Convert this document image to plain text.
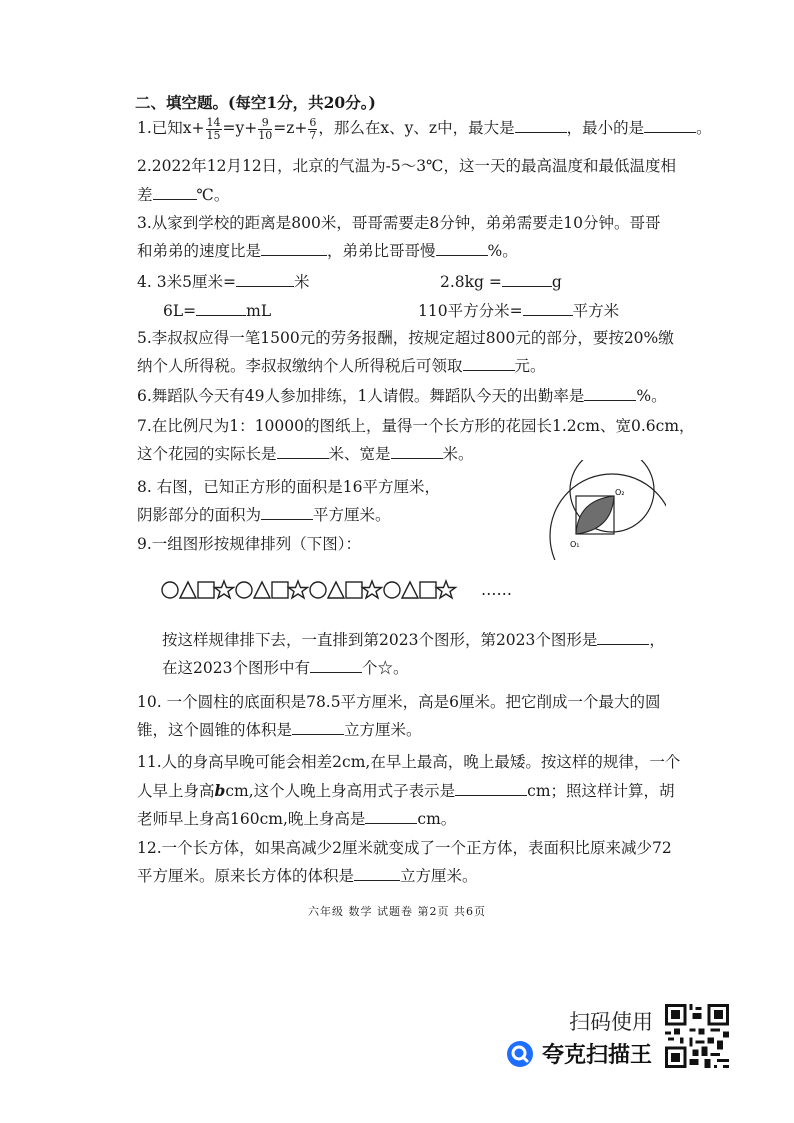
二、填空题。(每空1分，共20分。)
1.已知$x+ \frac{14}{15} =y+ \frac{9}{10} =z+ \frac{6}{7}$ ，那么在x、y、z中，最大是	，最小的是	。
2.2022年12月12日，北京的气温为-5～3℃，这一天的最高温度和最低温度相
差	℃。
3.从家到学校的距离是800米，哥哥需要走8分钟，弟弟需要走10分钟。哥哥
和弟弟的速度比是	，弟弟比哥哥慢	%。
4. 3米5厘米=	米	2.8kg =	g
6L=	mL	110平方分米=	平方米
5.李叔叔应得一笔1500元的劳务报酬，按规定超过800元的部分，要按20%缴
纳个人所得税。李叔叔缴纳个人所得税后可领取	元。
6.舞蹈队今天有49人参加排练，1人请假。舞蹈队今天的出勤率是	%。
7.在比例尺为1：10000的图纸上，量得一个长方形的花园长1.2cm、宽0.6cm，
这个花园的实际长是	米、宽是	米。
8. 右图，已知正方形的面积是16平方厘米，
阴影部分的面积为	平方厘米。
O₁
O₂
9.一组图形按规律排列（下图）：
……
按这样规律排下去，一直排到第2023个图形，第2023个图形是	，
在这2023个图形中有	个☆。
10. 一个圆柱的底面积是78.5平方厘米，高是6厘米。把它削成一个最大的圆
锥，这个圆锥的体积是	立方厘米。
11.人的身高早晚可能会相差2cm,在早上最高，晚上最矮。按这样的规律，一个
人早上身高bcm,这个人晚上身高用式子表示是	cm；照这样计算，胡
老师早上身高160cm,晚上身高是	cm。
12.一个长方体，如果高减少2厘米就变成了一个正方体，表面积比原来减少72
平方厘米。原来长方体的体积是	立方厘米。
六年级 数学 试题卷 第2页 共6页
扫码使用
夸克扫描王
